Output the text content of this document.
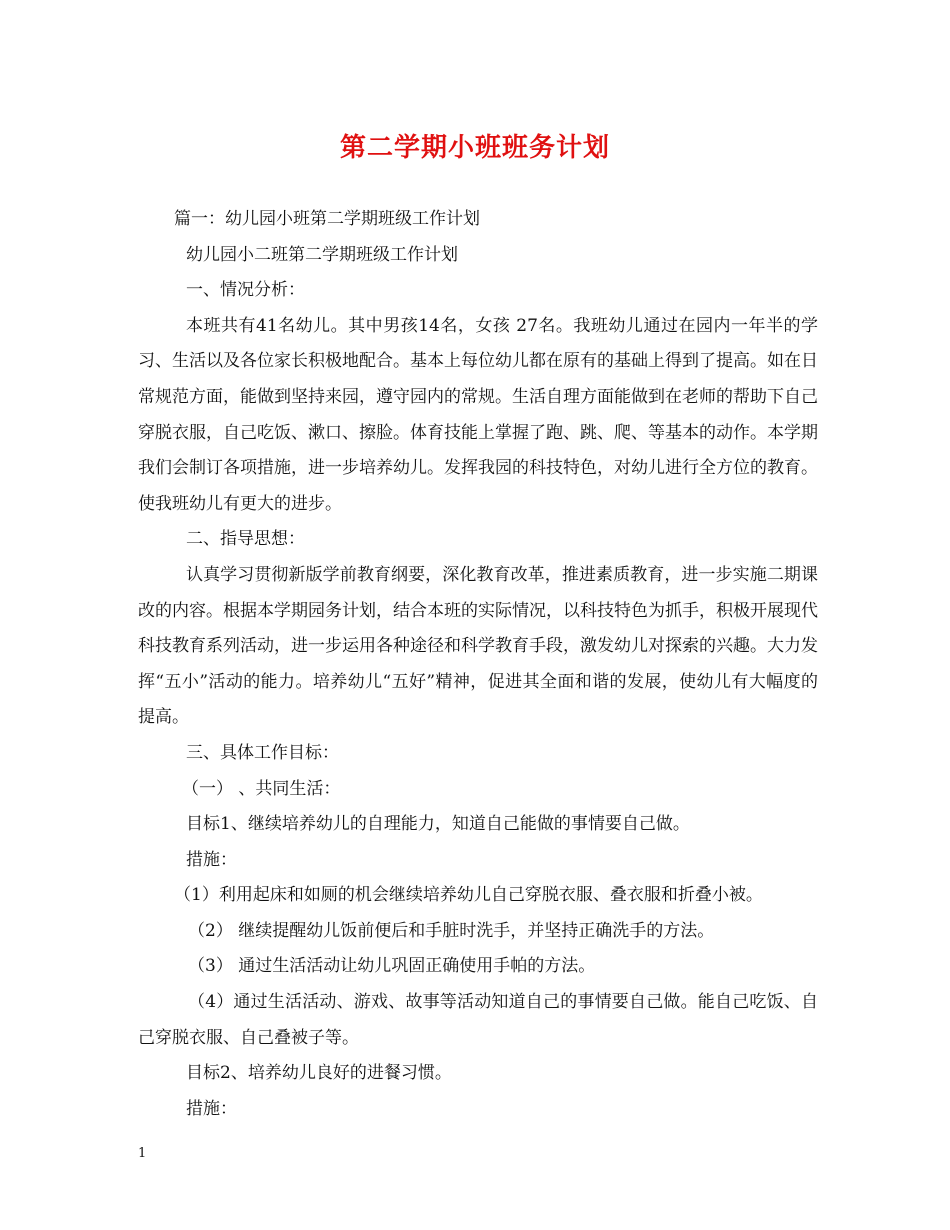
第二学期小班班务计划

篇一：幼儿园小班第二学期班级工作计划

幼儿园小二班第二学期班级工作计划

一、情况分析：

本班共有41名幼儿。其中男孩14名，女孩 27名。我班幼儿通过在园内一年半的学习、生活以及各位家长积极地配合。基本上每位幼儿都在原有的基础上得到了提高。如在日常规范方面，能做到坚持来园，遵守园内的常规。生活自理方面能做到在老师的帮助下自己穿脱衣服，自己吃饭、漱口、擦脸。体育技能上掌握了跑、跳、爬、等基本的动作。本学期我们会制订各项措施，进一步培养幼儿。发挥我园的科技特色，对幼儿进行全方位的教育。使我班幼儿有更大的进步。

二、指导思想：

认真学习贯彻新版学前教育纲要，深化教育改革，推进素质教育，进一步实施二期课改的内容。根据本学期园务计划，结合本班的实际情况，以科技特色为抓手，积极开展现代科技教育系列活动，进一步运用各种途径和科学教育手段，激发幼儿对探索的兴趣。大力发挥“五小”活动的能力。培养幼儿“五好”精神，促进其全面和谐的发展，使幼儿有大幅度的提高。

三、具体工作目标：

（一） 、共同生活：

目标1、继续培养幼儿的自理能力，知道自己能做的事情要自己做。

措施：

（1）利用起床和如厕的机会继续培养幼儿自己穿脱衣服、叠衣服和折叠小被。

（2） 继续提醒幼儿饭前便后和手脏时洗手，并坚持正确洗手的方法。

（3） 通过生活活动让幼儿巩固正确使用手帕的方法。

（4）通过生活活动、游戏、故事等活动知道自己的事情要自己做。能自己吃饭、自己穿脱衣服、自己叠被子等。

目标2、培养幼儿良好的进餐习惯。

措施：

1
